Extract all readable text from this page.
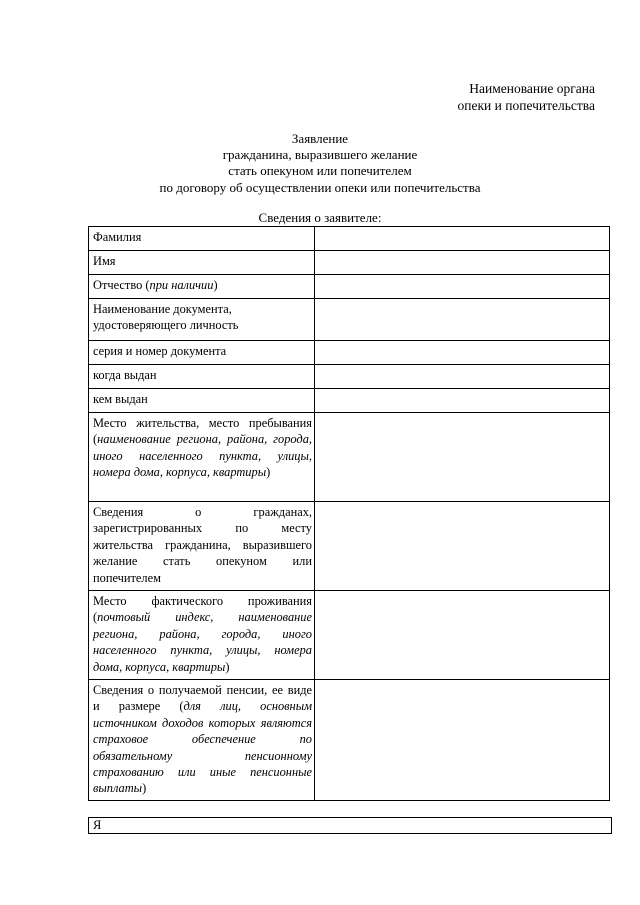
Наименование органа
опеки и попечительства
Заявление
гражданина, выразившего желание
стать опекуном или попечителем
по договору об осуществлении опеки или попечительства
Сведения о заявителе:
Фамилия	
Имя	
Отчество (при наличии)	
Наименование документа, удостоверяющего личность	
серия и номер документа	
когда выдан	
кем выдан	
Место жительства, место пребывания (наименование региона, района, города, иного населенного пункта, улицы, номера дома, корпуса, квартиры)	
Сведения о гражданах, зарегистрированных по месту жительства гражданина, выразившего желание стать опекуном или попечителем	
Место фактического проживания (почтовый индекс, наименование региона, района, города, иного населенного пункта, улицы, номера дома, корпуса, квартиры)	
Сведения о получаемой пенсии, ее виде и размере (для лиц, основным источником доходов которых являются страховое обеспечение по обязательному пенсионному страхованию или иные пенсионные выплаты)	
Я
